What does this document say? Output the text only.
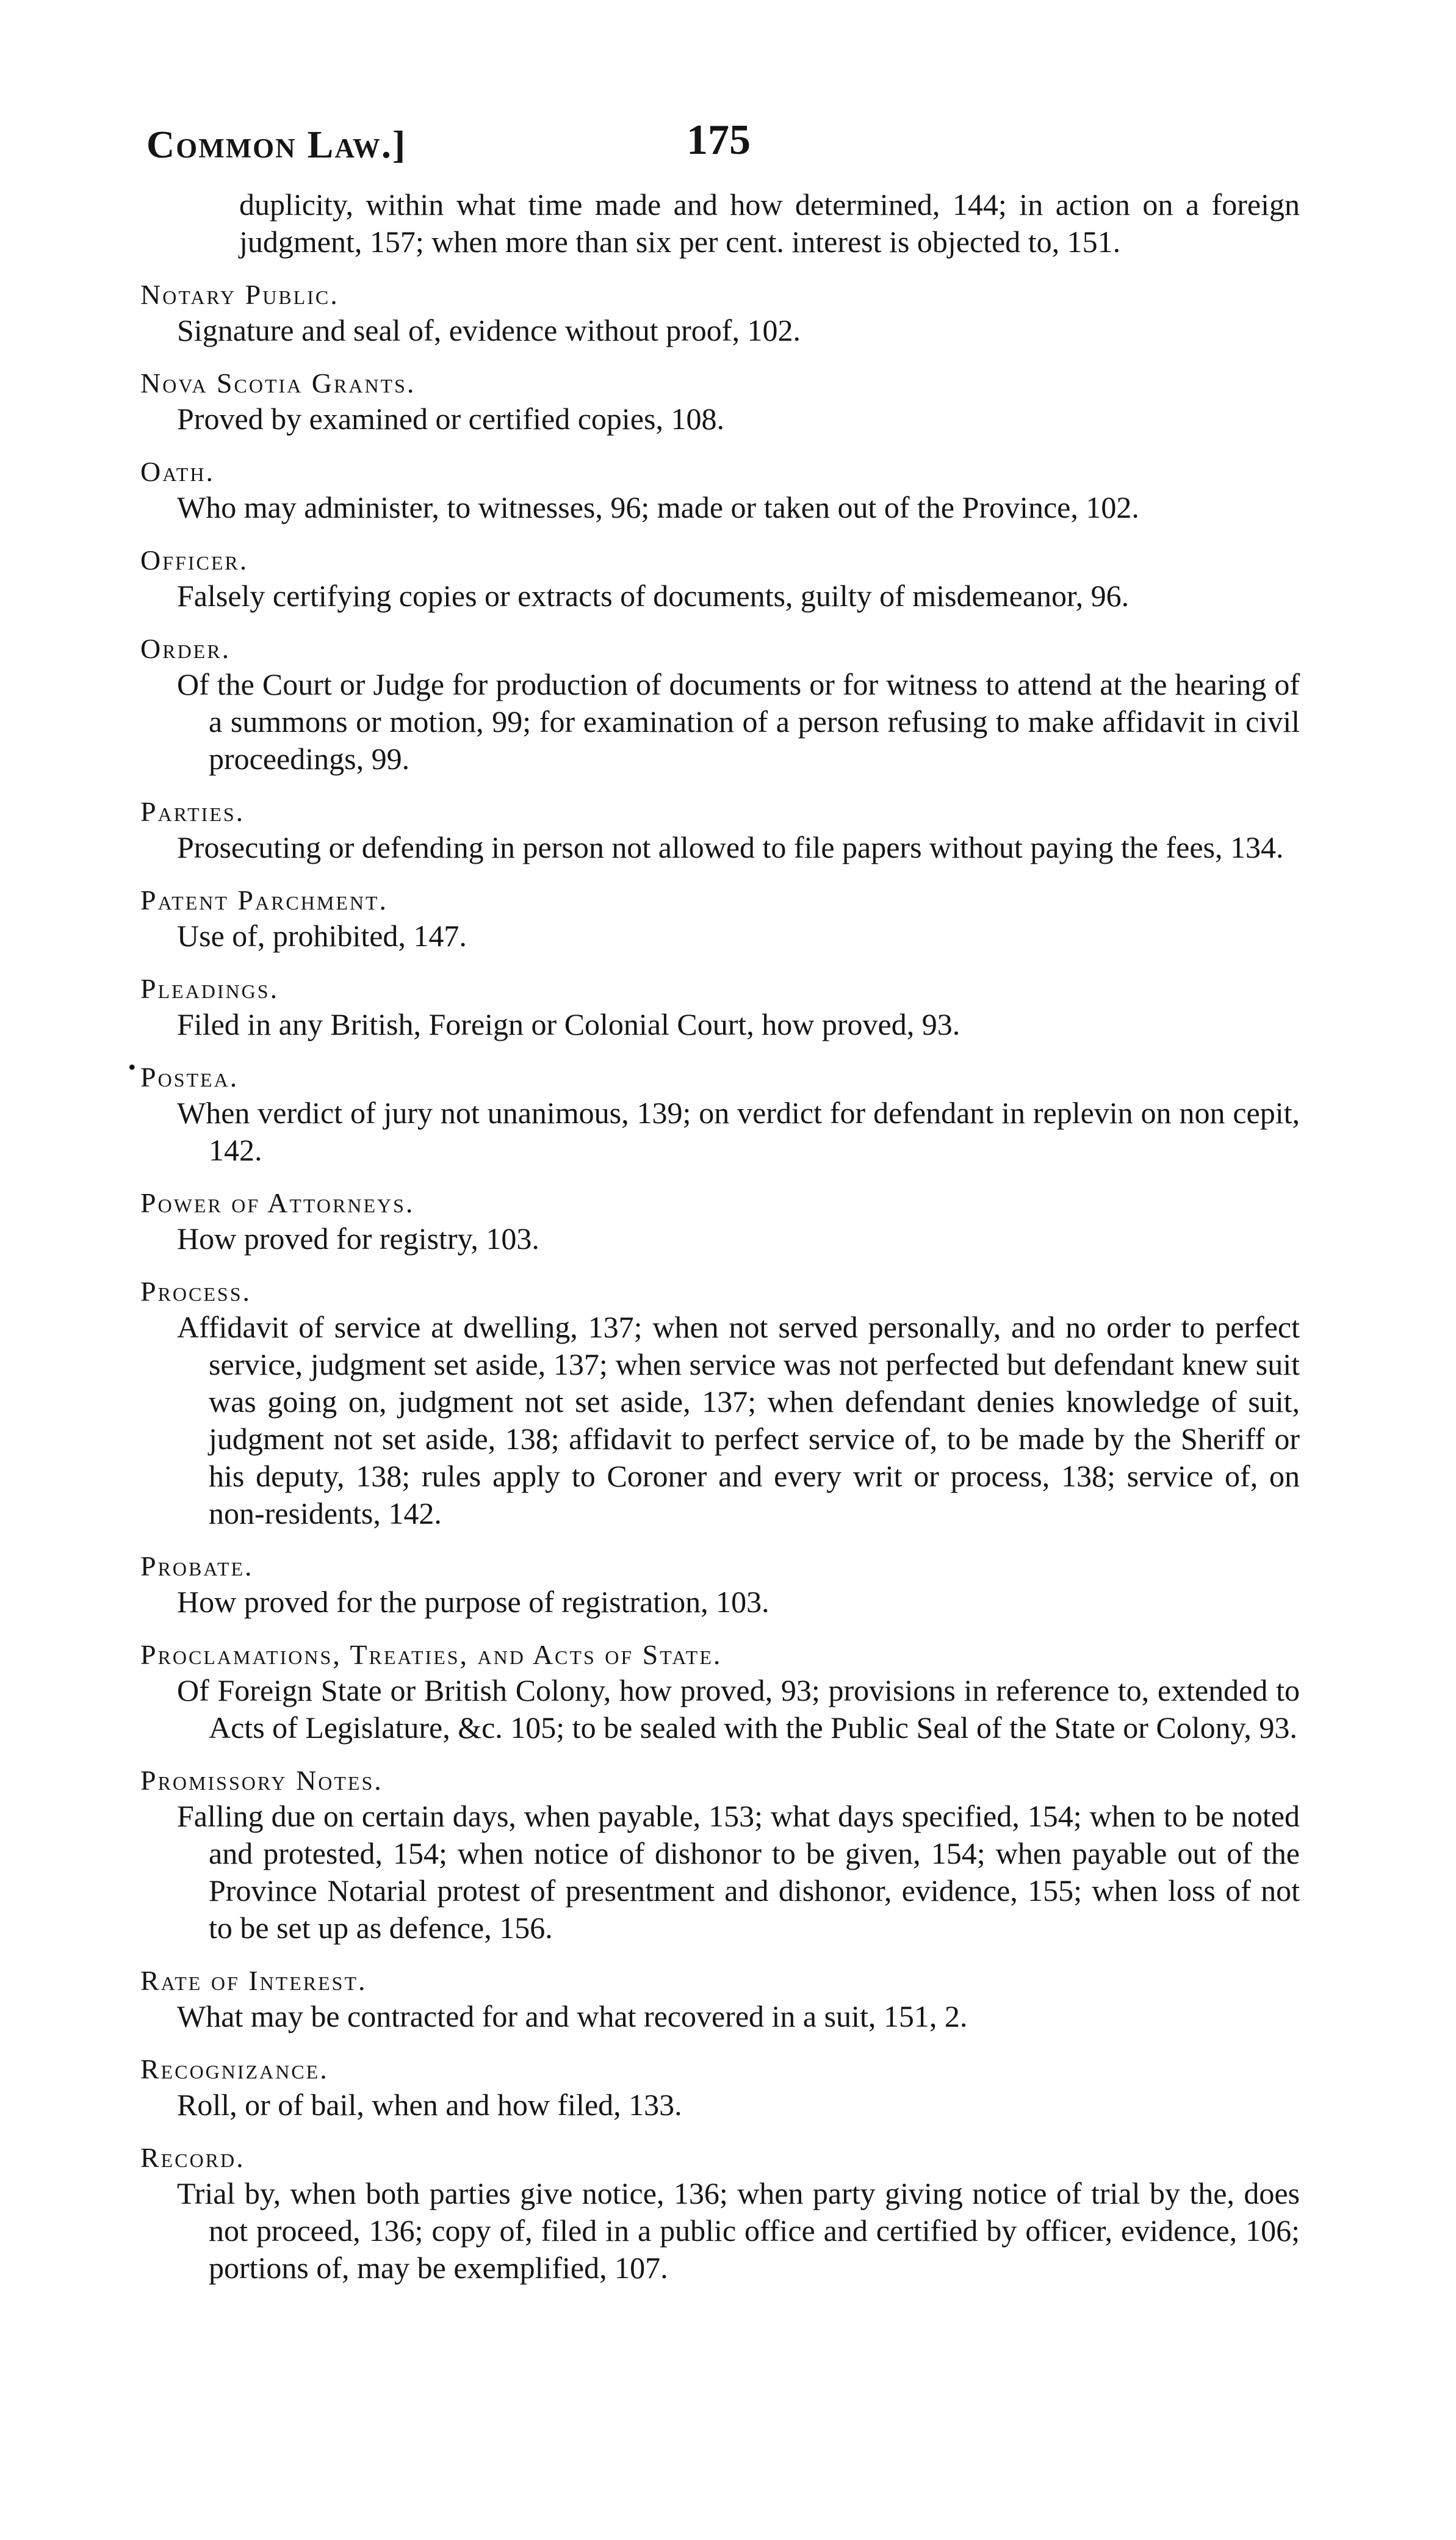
Common Law.]	175
•

duplicity, within what time made and how determined, 144; in action on a foreign judgment, 157; when more than six per cent. interest is objected to, 151.

Notary Public.

Signature and seal of, evidence without proof, 102.

Nova Scotia Grants.

Proved by examined or certified copies, 108.

Oath.

Who may administer, to witnesses, 96; made or taken out of the Province, 102.

Officer.

Falsely certifying copies or extracts of documents, guilty of misdemeanor, 96.

Order.

Of the Court or Judge for production of documents or for witness to attend at the hearing of a summons or motion, 99; for examination of a person refusing to make affidavit in civil proceedings, 99.

Parties.

Prosecuting or defending in person not allowed to file papers without paying the fees, 134.

Patent Parchment.

Use of, prohibited, 147.

Pleadings.

Filed in any British, Foreign or Colonial Court, how proved, 93.

Postea.

When verdict of jury not unanimous, 139; on verdict for defendant in replevin on non cepit, 142.

Power of Attorneys.

How proved for registry, 103.

Process.

Affidavit of service at dwelling, 137; when not served personally, and no order to perfect service, judgment set aside, 137; when service was not perfected but defendant knew suit was going on, judgment not set aside, 137; when defendant denies knowledge of suit, judgment not set aside, 138; affidavit to perfect service of, to be made by the Sheriff or his deputy, 138; rules apply to Coroner and every writ or process, 138; service of, on non-residents, 142.

Probate.

How proved for the purpose of registration, 103.

Proclamations, Treaties, and Acts of State.

Of Foreign State or British Colony, how proved, 93; provisions in reference to, extended to Acts of Legislature, &c. 105; to be sealed with the Public Seal of the State or Colony, 93.

Promissory Notes.

Falling due on certain days, when payable, 153; what days specified, 154; when to be noted and protested, 154; when notice of dishonor to be given, 154; when payable out of the Province Notarial protest of presentment and dishonor, evidence, 155; when loss of not to be set up as defence, 156.

Rate of Interest.

What may be contracted for and what recovered in a suit, 151, 2.

Recognizance.

Roll, or of bail, when and how filed, 133.

Record.

Trial by, when both parties give notice, 136; when party giving notice of trial by the, does not proceed, 136; copy of, filed in a public office and certified by officer, evidence, 106; portions of, may be exemplified, 107.
